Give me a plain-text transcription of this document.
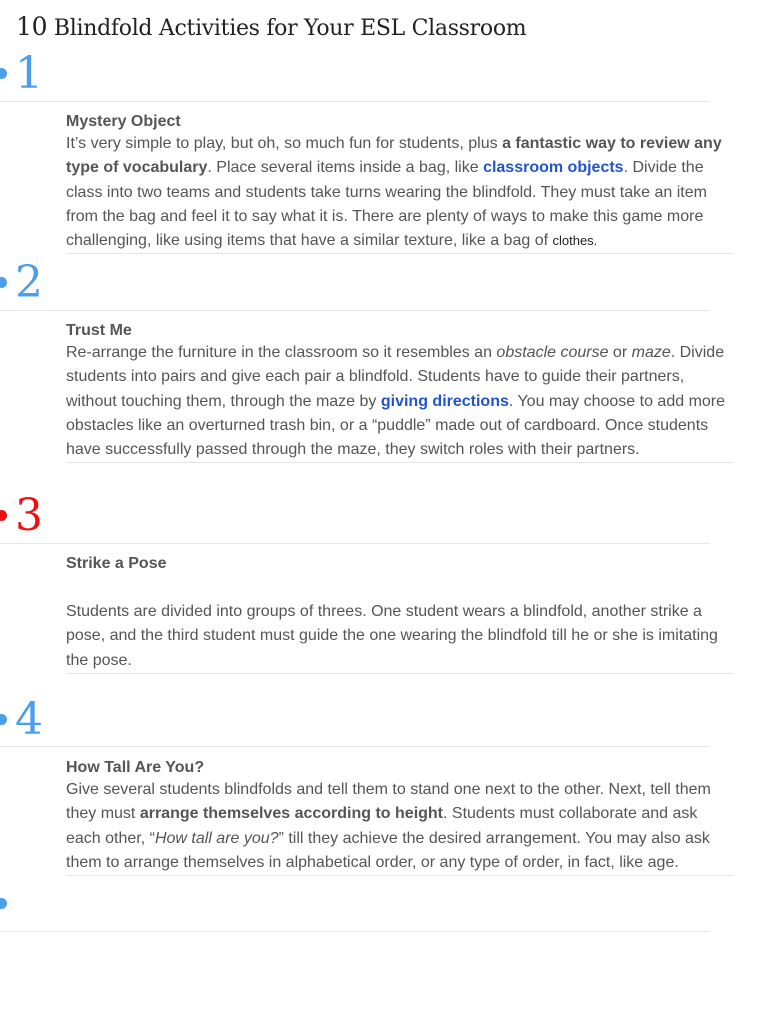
10 Blindfold Activities for Your ESL Classroom
1
Mystery Object

It’s very simple to play, but oh, so much fun for students, plus a fantastic way to review any type of vocabulary. Place several items inside a bag, like classroom objects. Divide the class into two teams and students take turns wearing the blindfold. They must take an item from the bag and feel it to say what it is. There are plenty of ways to make this game more challenging, like using items that have a similar texture, like a bag of clothes.

2
Trust Me

Re-arrange the furniture in the classroom so it resembles an obstacle course or maze. Divide students into pairs and give each pair a blindfold. Students have to guide their partners, without touching them, through the maze by giving directions. You may choose to add more obstacles like an overturned trash bin, or a “puddle” made out of cardboard. Once students have successfully passed through the maze, they switch roles with their partners.

3
Strike a Pose

Students are divided into groups of threes. One student wears a blindfold, another strike a pose, and the third student must guide the one wearing the blindfold till he or she is imitating the pose.

4
How Tall Are You?

Give several students blindfolds and tell them to stand one next to the other. Next, tell them they must arrange themselves according to height. Students must collaborate and ask each other, “How tall are you?” till they achieve the desired arrangement. You may also ask them to arrange themselves in alphabetical order, or any type of order, in fact, like age.
